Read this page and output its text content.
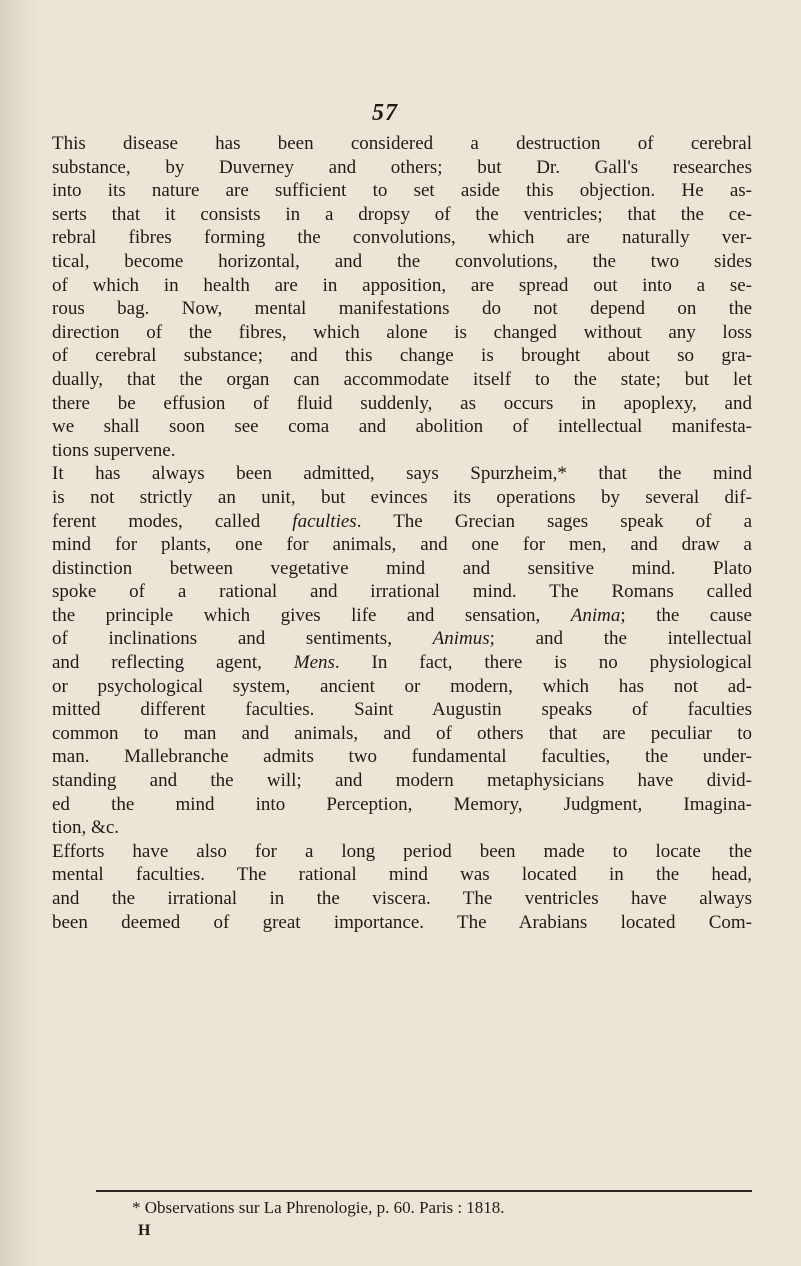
57
This disease has been considered a destruction of cerebral
substance, by Duverney and others; but Dr. Gall's researches
into its nature are sufficient to set aside this objection. He as-
serts that it consists in a dropsy of the ventricles; that the ce-
rebral fibres forming the convolutions, which are naturally ver-
tical, become horizontal, and the convolutions, the two sides
of which in health are in apposition, are spread out into a se-
rous bag. Now, mental manifestations do not depend on the
direction of the fibres, which alone is changed without any loss
of cerebral substance; and this change is brought about so gra-
dually, that the organ can accommodate itself to the state; but let
there be effusion of fluid suddenly, as occurs in apoplexy, and
we shall soon see coma and abolition of intellectual manifesta-
tions supervene.
It has always been admitted, says Spurzheim,* that the mind
is not strictly an unit, but evinces its operations by several dif-
ferent modes, called faculties. The Grecian sages speak of a
mind for plants, one for animals, and one for men, and draw a
distinction between vegetative mind and sensitive mind. Plato
spoke of a rational and irrational mind. The Romans called
the principle which gives life and sensation, Anima; the cause
of inclinations and sentiments, Animus; and the intellectual
and reflecting agent, Mens. In fact, there is no physiological
or psychological system, ancient or modern, which has not ad-
mitted different faculties. Saint Augustin speaks of faculties
common to man and animals, and of others that are peculiar to
man. Mallebranche admits two fundamental faculties, the under-
standing and the will; and modern metaphysicians have divid-
ed the mind into Perception, Memory, Judgment, Imagina-
tion, &c.
Efforts have also for a long period been made to locate the
mental faculties. The rational mind was located in the head,
and the irrational in the viscera. The ventricles have always
been deemed of great importance. The Arabians located Com-
* Observations sur La Phrenologie, p. 60. Paris : 1818.
H
